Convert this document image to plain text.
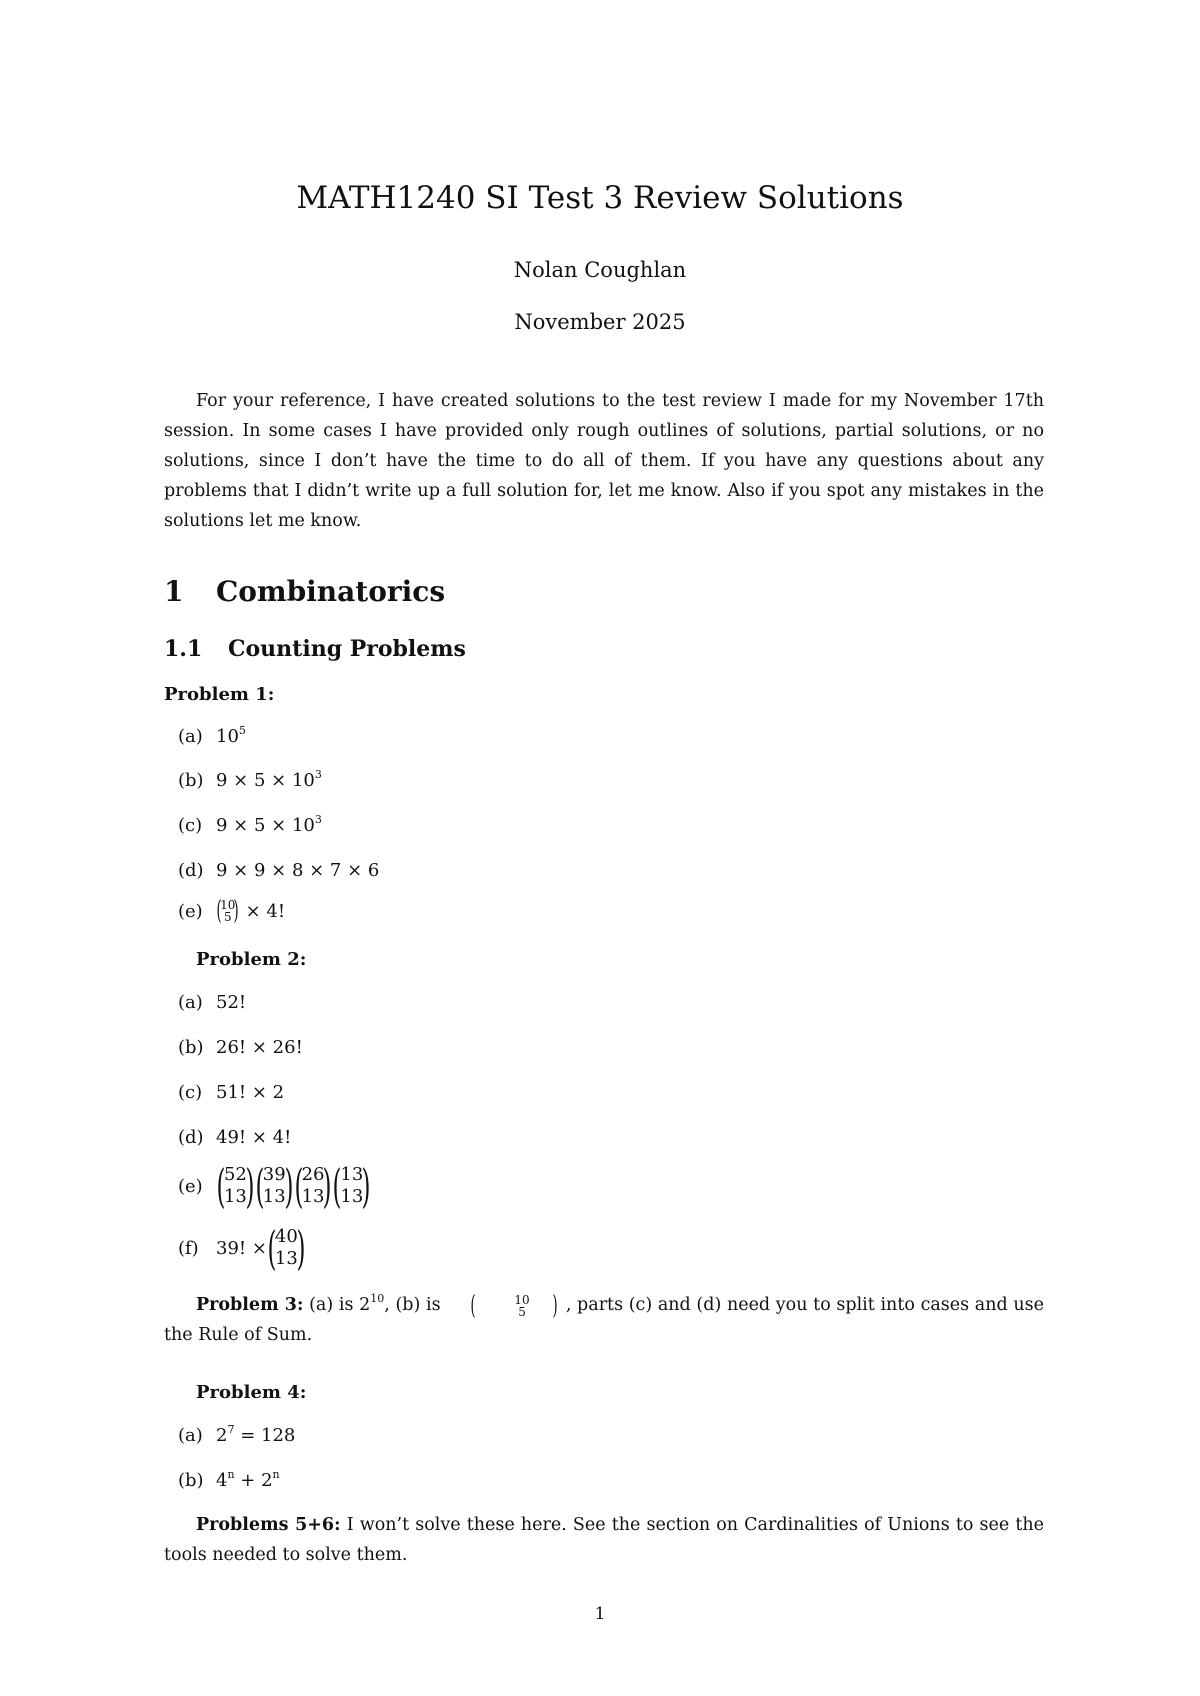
MATH1240 SI Test 3 Review Solutions
Nolan Coughlan
November 2025

For your reference, I have created solutions to the test review I made for my November 17th session. In some cases I have provided only rough outlines of solutions, partial solutions, or no solutions, since I don’t have the time to do all of them. If you have any questions about any problems that I didn’t write up a full solution for, let me know. Also if you spot any mistakes in the solutions let me know.

1 Combinatorics
1.1 Counting Problems
Problem 1:
(a) $10^5$
(b) $9 \times 5 \times 10^3$
(c) $9 \times 5 \times 10^3$
(d) 9 × 9 × 8 × 7 × 6
(e) (
10
5 ) × 4!
Problem 2:
(a) 52!
(b) 26! × 26!
(c) 51! × 2
(d) 49! × 4!
(e) (
52
13
) (
39
13
) (
26
13
) (
13
13
)
(f) 39! × (
40
13
)

Problem 3: (a) is $2^{10}$, (b) is	(	10
5	) , parts (c) and (d) need you to split into cases and use the Rule of Sum.

Problem 4:
(a) $2^7 = 128$
(b) $4^n + 2^n$

Problems 5+6: I won’t solve these here. See the section on Cardinalities of Unions to see the tools needed to solve them.

1
